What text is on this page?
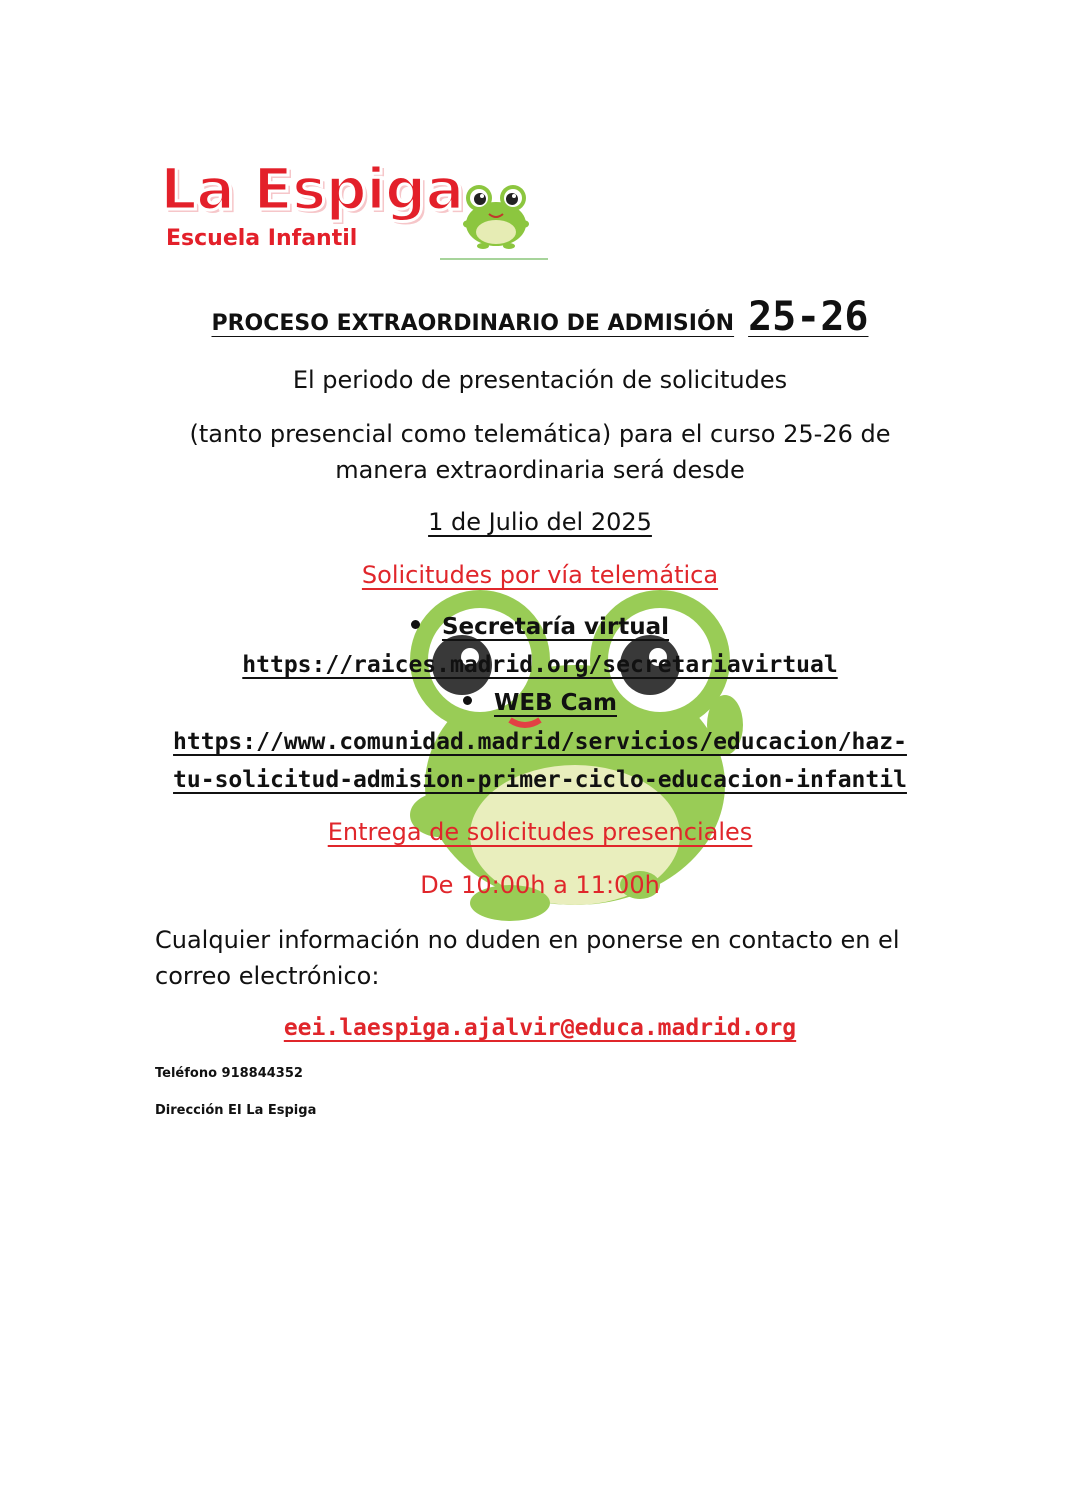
La Espiga
Escuela Infantil
PROCESO EXTRAORDINARIO DE ADMISIÓN 25-26
El periodo de presentación de solicitudes
(tanto presencial como telemática) para el curso 25-26 de
manera extraordinaria será desde
1 de Julio del 2025
Solicitudes por vía telemática
Secretaría virtual
https://raices.madrid.org/secretariavirtual
WEB Cam
https://www.comunidad.madrid/servicios/educacion/haz-
tu-solicitud-admision-primer-ciclo-educacion-infantil
Entrega de solicitudes presenciales
De 10:00h a 11:00h
Cualquier información no duden en ponerse en contacto en el
correo electrónico:
eei.laespiga.ajalvir@educa.madrid.org
Teléfono 918844352
Dirección EI La Espiga
